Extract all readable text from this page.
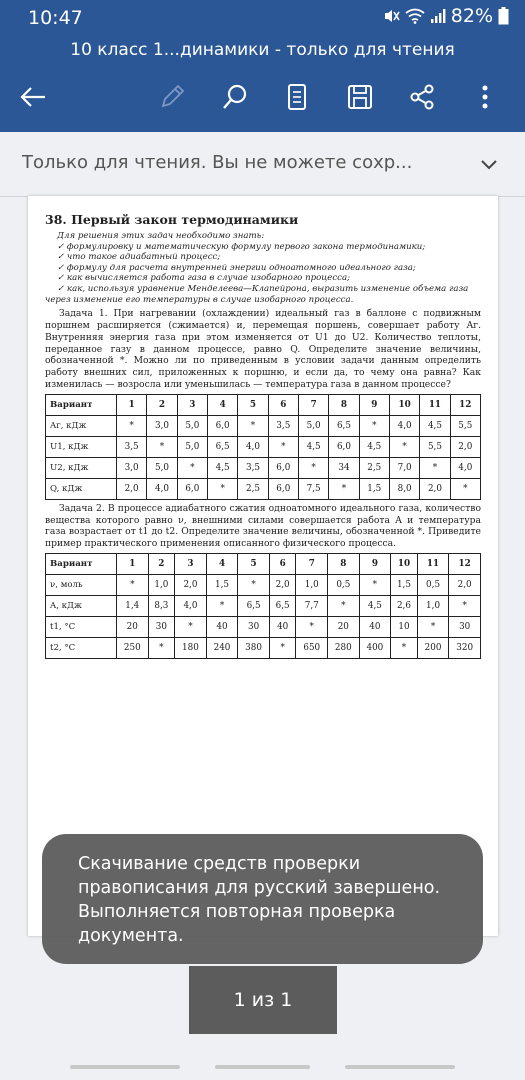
10:47	82%
10 класс 1...динамики - только для чтения
Только для чтения. Вы не можете сохр...
38. Первый закон термодинамики
Для решения этих задач необходимо знать:
✓ формулировку и математическую формулу первого закона термодинамики;
✓ что такое адиабатный процесс;
✓ формулу для расчета внутренней энергии одноатомного идеального газа;
✓ как вычисляется работа газа в случае изобарного процесса;
✓ как, используя уравнение Менделеева—Клапейрона, выразить изменение объема газа через изменение его температуры в случае изобарного процесса.
Задача 1. При нагревании (охлаждении) идеальный газ в баллоне с подвижным поршнем расширяется (сжимается) и, перемещая поршень, совершает работу Aг. Внутренняя энергия газа при этом изменяется от U1 до U2. Количество теплоты, переданное газу в данном процессе, равно Q. Определите значение величины, обозначенной *. Можно ли по приведенным в условии задачи данным определить работу внешних сил, приложенных к поршню, и если да, то чему она равна? Как изменилась — возросла или уменьшилась — температура газа в данном процессе?
Вариант	1	2	3	4	5	6	7	8	9	10	11	12
Aг, кДж	*	3,0	5,0	6,0	*	3,5	5,0	6,5	*	4,0	4,5	5,5
U1, кДж	3,5	*	5,0	6,5	4,0	*	4,5	6,0	4,5	*	5,5	2,0
U2, кДж	3,0	5,0	*	4,5	3,5	6,0	*	34	2,5	7,0	*	4,0
Q, кДж	2,0	4,0	6,0	*	2,5	6,0	7,5	*	1,5	8,0	2,0	*
Задача 2. В процессе адиабатного сжатия одноатомного идеального газа, количество вещества которого равно ν, внешними силами совершается работа A и температура газа возрастает от t1 до t2. Определите значение величины, обозначенной *. Приведите пример практического применения описанного физического процесса.
Вариант	1	2	3	4	5	6	7	8	9	10	11	12
ν, моль	*	1,0	2,0	1,5	*	2,0	1,0	0,5	*	1,5	0,5	2,0
A, кДж	1,4	8,3	4,0	*	6,5	6,5	7,7	*	4,5	2,6	1,0	*
t1, °C	20	30	*	40	30	40	*	20	40	10	*	30
t2, °C	250	*	180	240	380	*	650	280	400	*	200	320
Скачивание средств проверки правописания для русский завершено. Выполняется повторная проверка документа.
1 из 1
